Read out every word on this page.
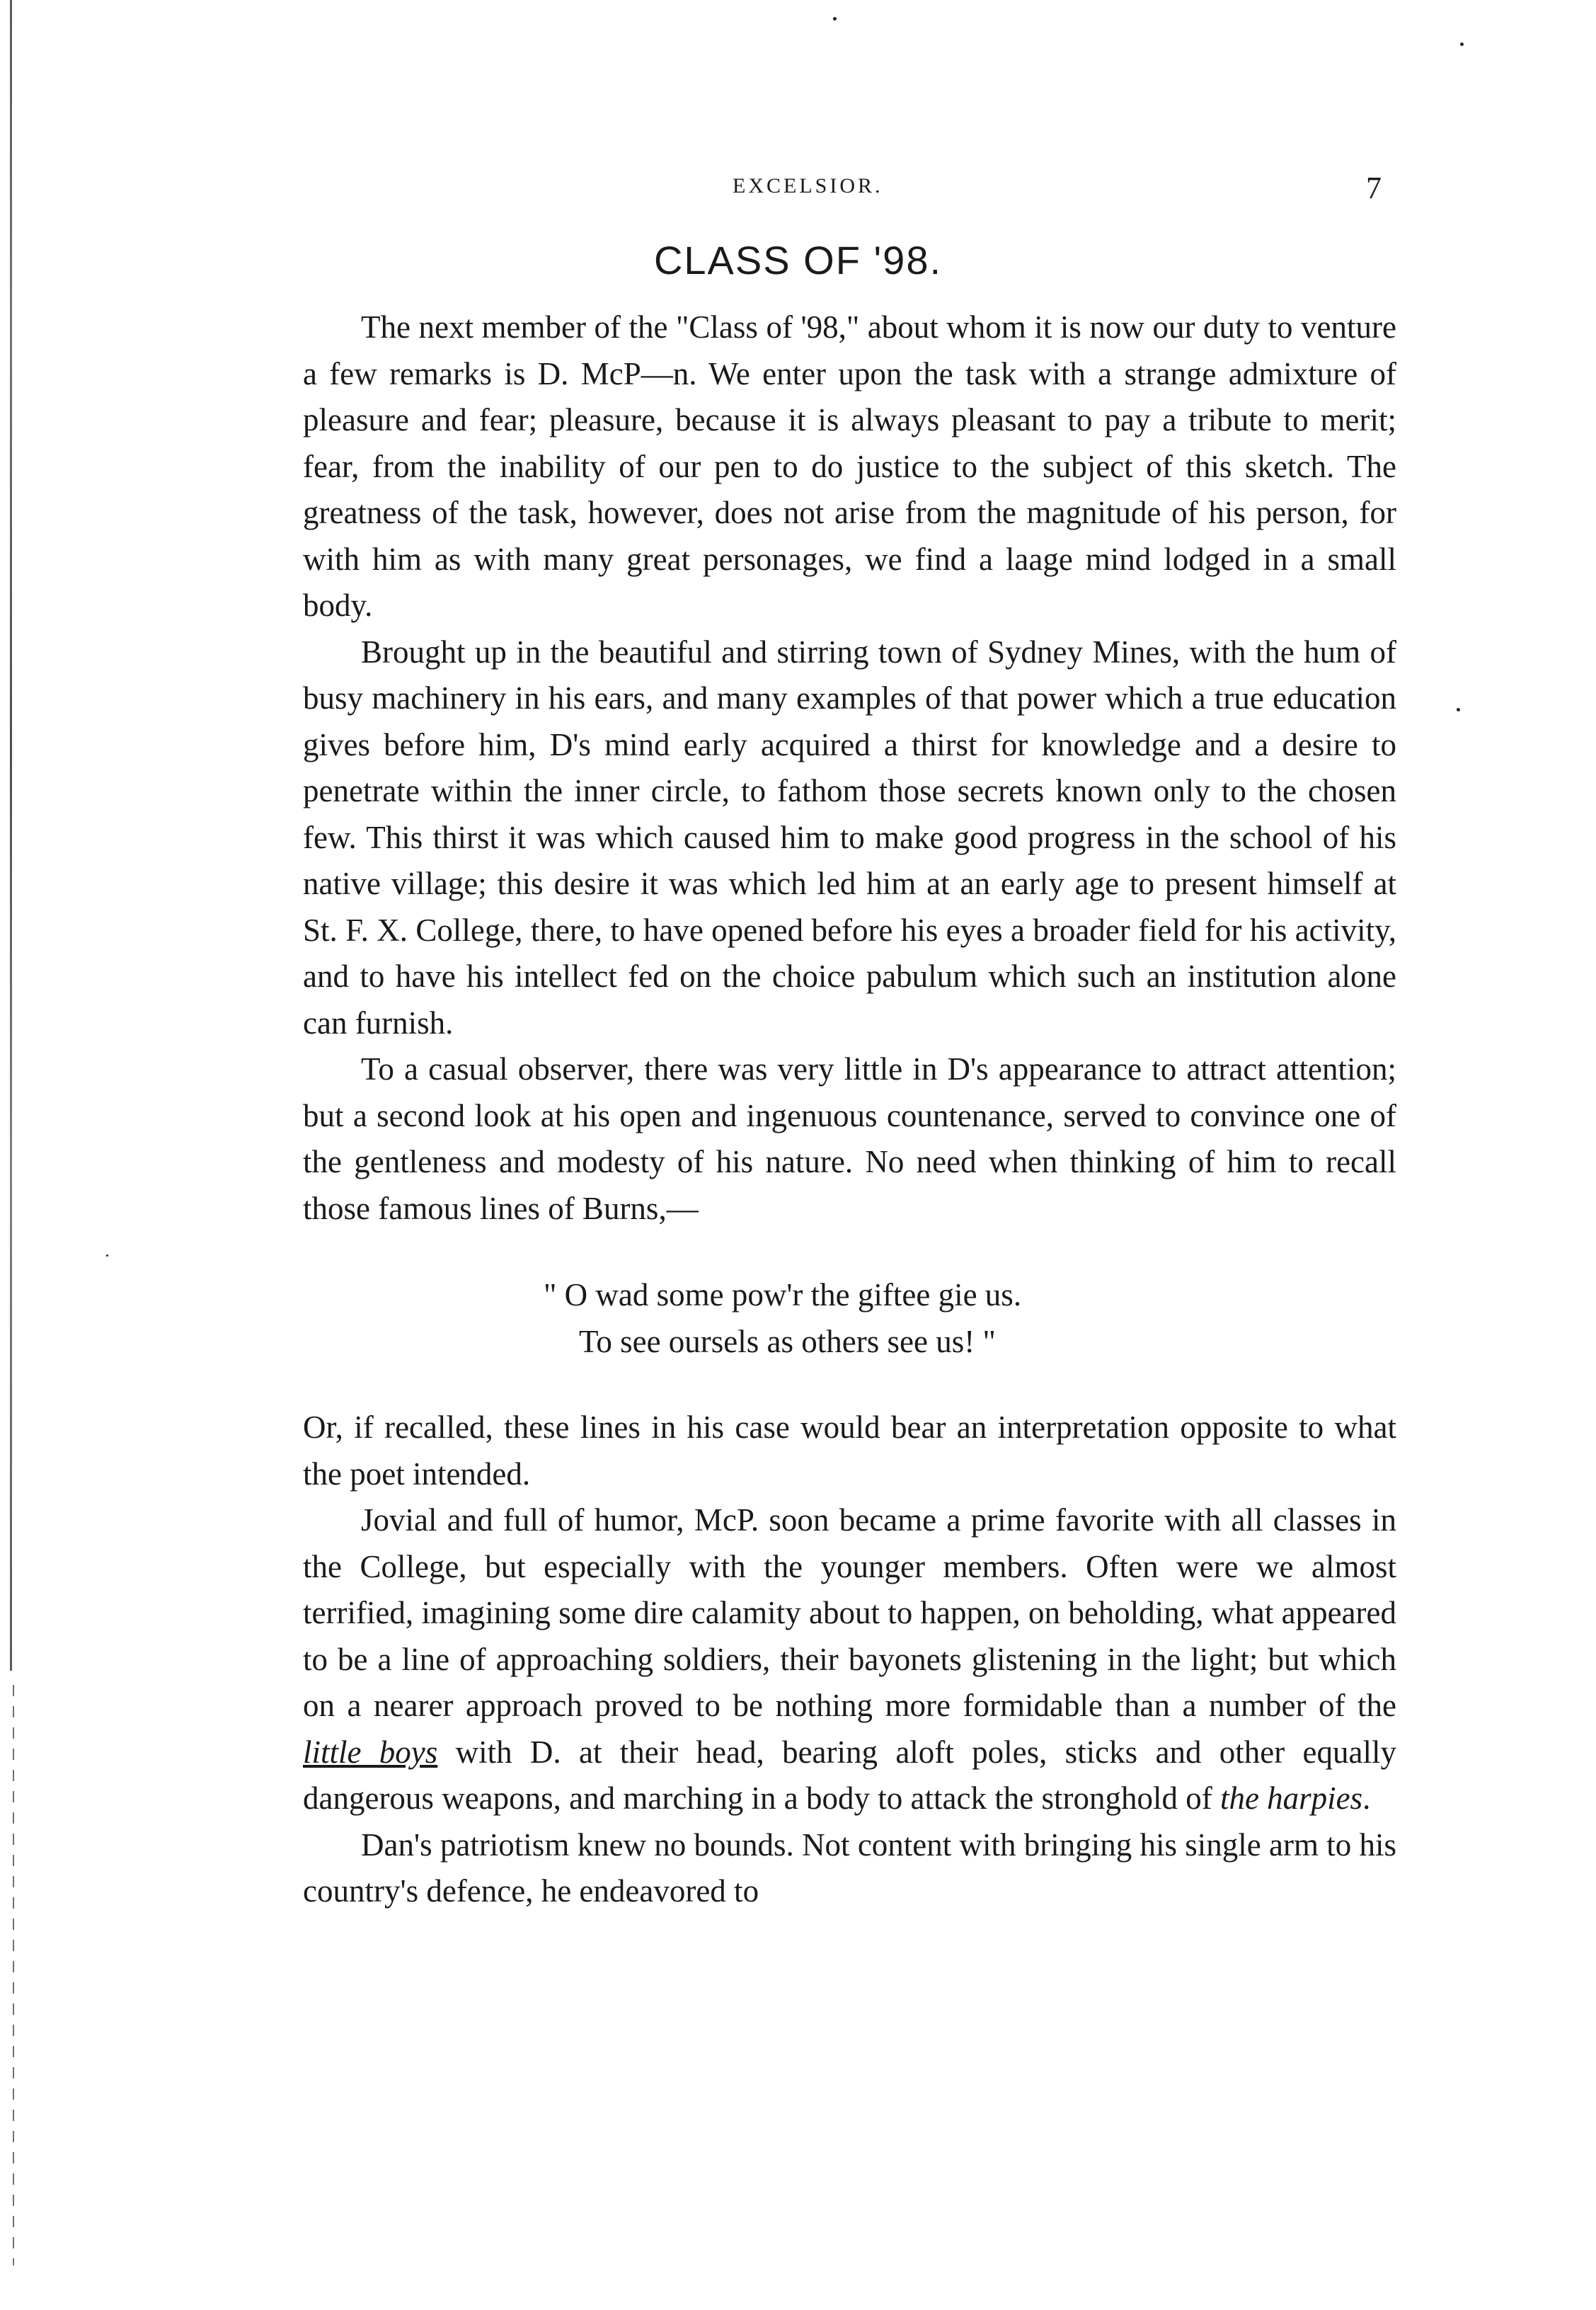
EXCELSIOR.	7
CLASS OF '98.

The next member of the "Class of '98," about whom it is now our duty to venture a few remarks is D. McP—n. We enter upon the task with a strange admixture of pleasure and fear; pleasure, because it is always pleasant to pay a tribute to merit; fear, from the inability of our pen to do justice to the subject of this sketch. The greatness of the task, however, does not arise from the magnitude of his person, for with him as with many great personages, we find a laage mind lodged in a small body.

Brought up in the beautiful and stirring town of Sydney Mines, with the hum of busy machinery in his ears, and many examples of that power which a true education gives before him, D's mind early acquired a thirst for knowledge and a desire to penetrate within the inner circle, to fathom those secrets known only to the chosen few. This thirst it was which caused him to make good progress in the school of his native village; this desire it was which led him at an early age to present himself at St. F. X. College, there, to have opened before his eyes a broader field for his activity, and to have his intellect fed on the choice pabulum which such an institution alone can furnish.

To a casual observer, there was very little in D's appearance to attract attention; but a second look at his open and ingenuous countenance, served to convince one of the gentleness and modesty of his nature. No need when thinking of him to recall those famous lines of Burns,—

" O wad some pow'r the giftee gie us.
To see oursels as others see us! "

Or, if recalled, these lines in his case would bear an interpretation opposite to what the poet intended.

Jovial and full of humor, McP. soon became a prime favorite with all classes in the College, but especially with the younger members. Often were we almost terrified, imagining some dire calamity about to happen, on beholding, what appeared to be a line of approaching soldiers, their bayonets glistening in the light; but which on a nearer approach proved to be nothing more formidable than a number of the little boys with D. at their head, bearing aloft poles, sticks and other equally dangerous weapons, and marching in a body to attack the stronghold of the harpies.

Dan's patriotism knew no bounds. Not content with bringing his single arm to his country's defence, he endeavored to
